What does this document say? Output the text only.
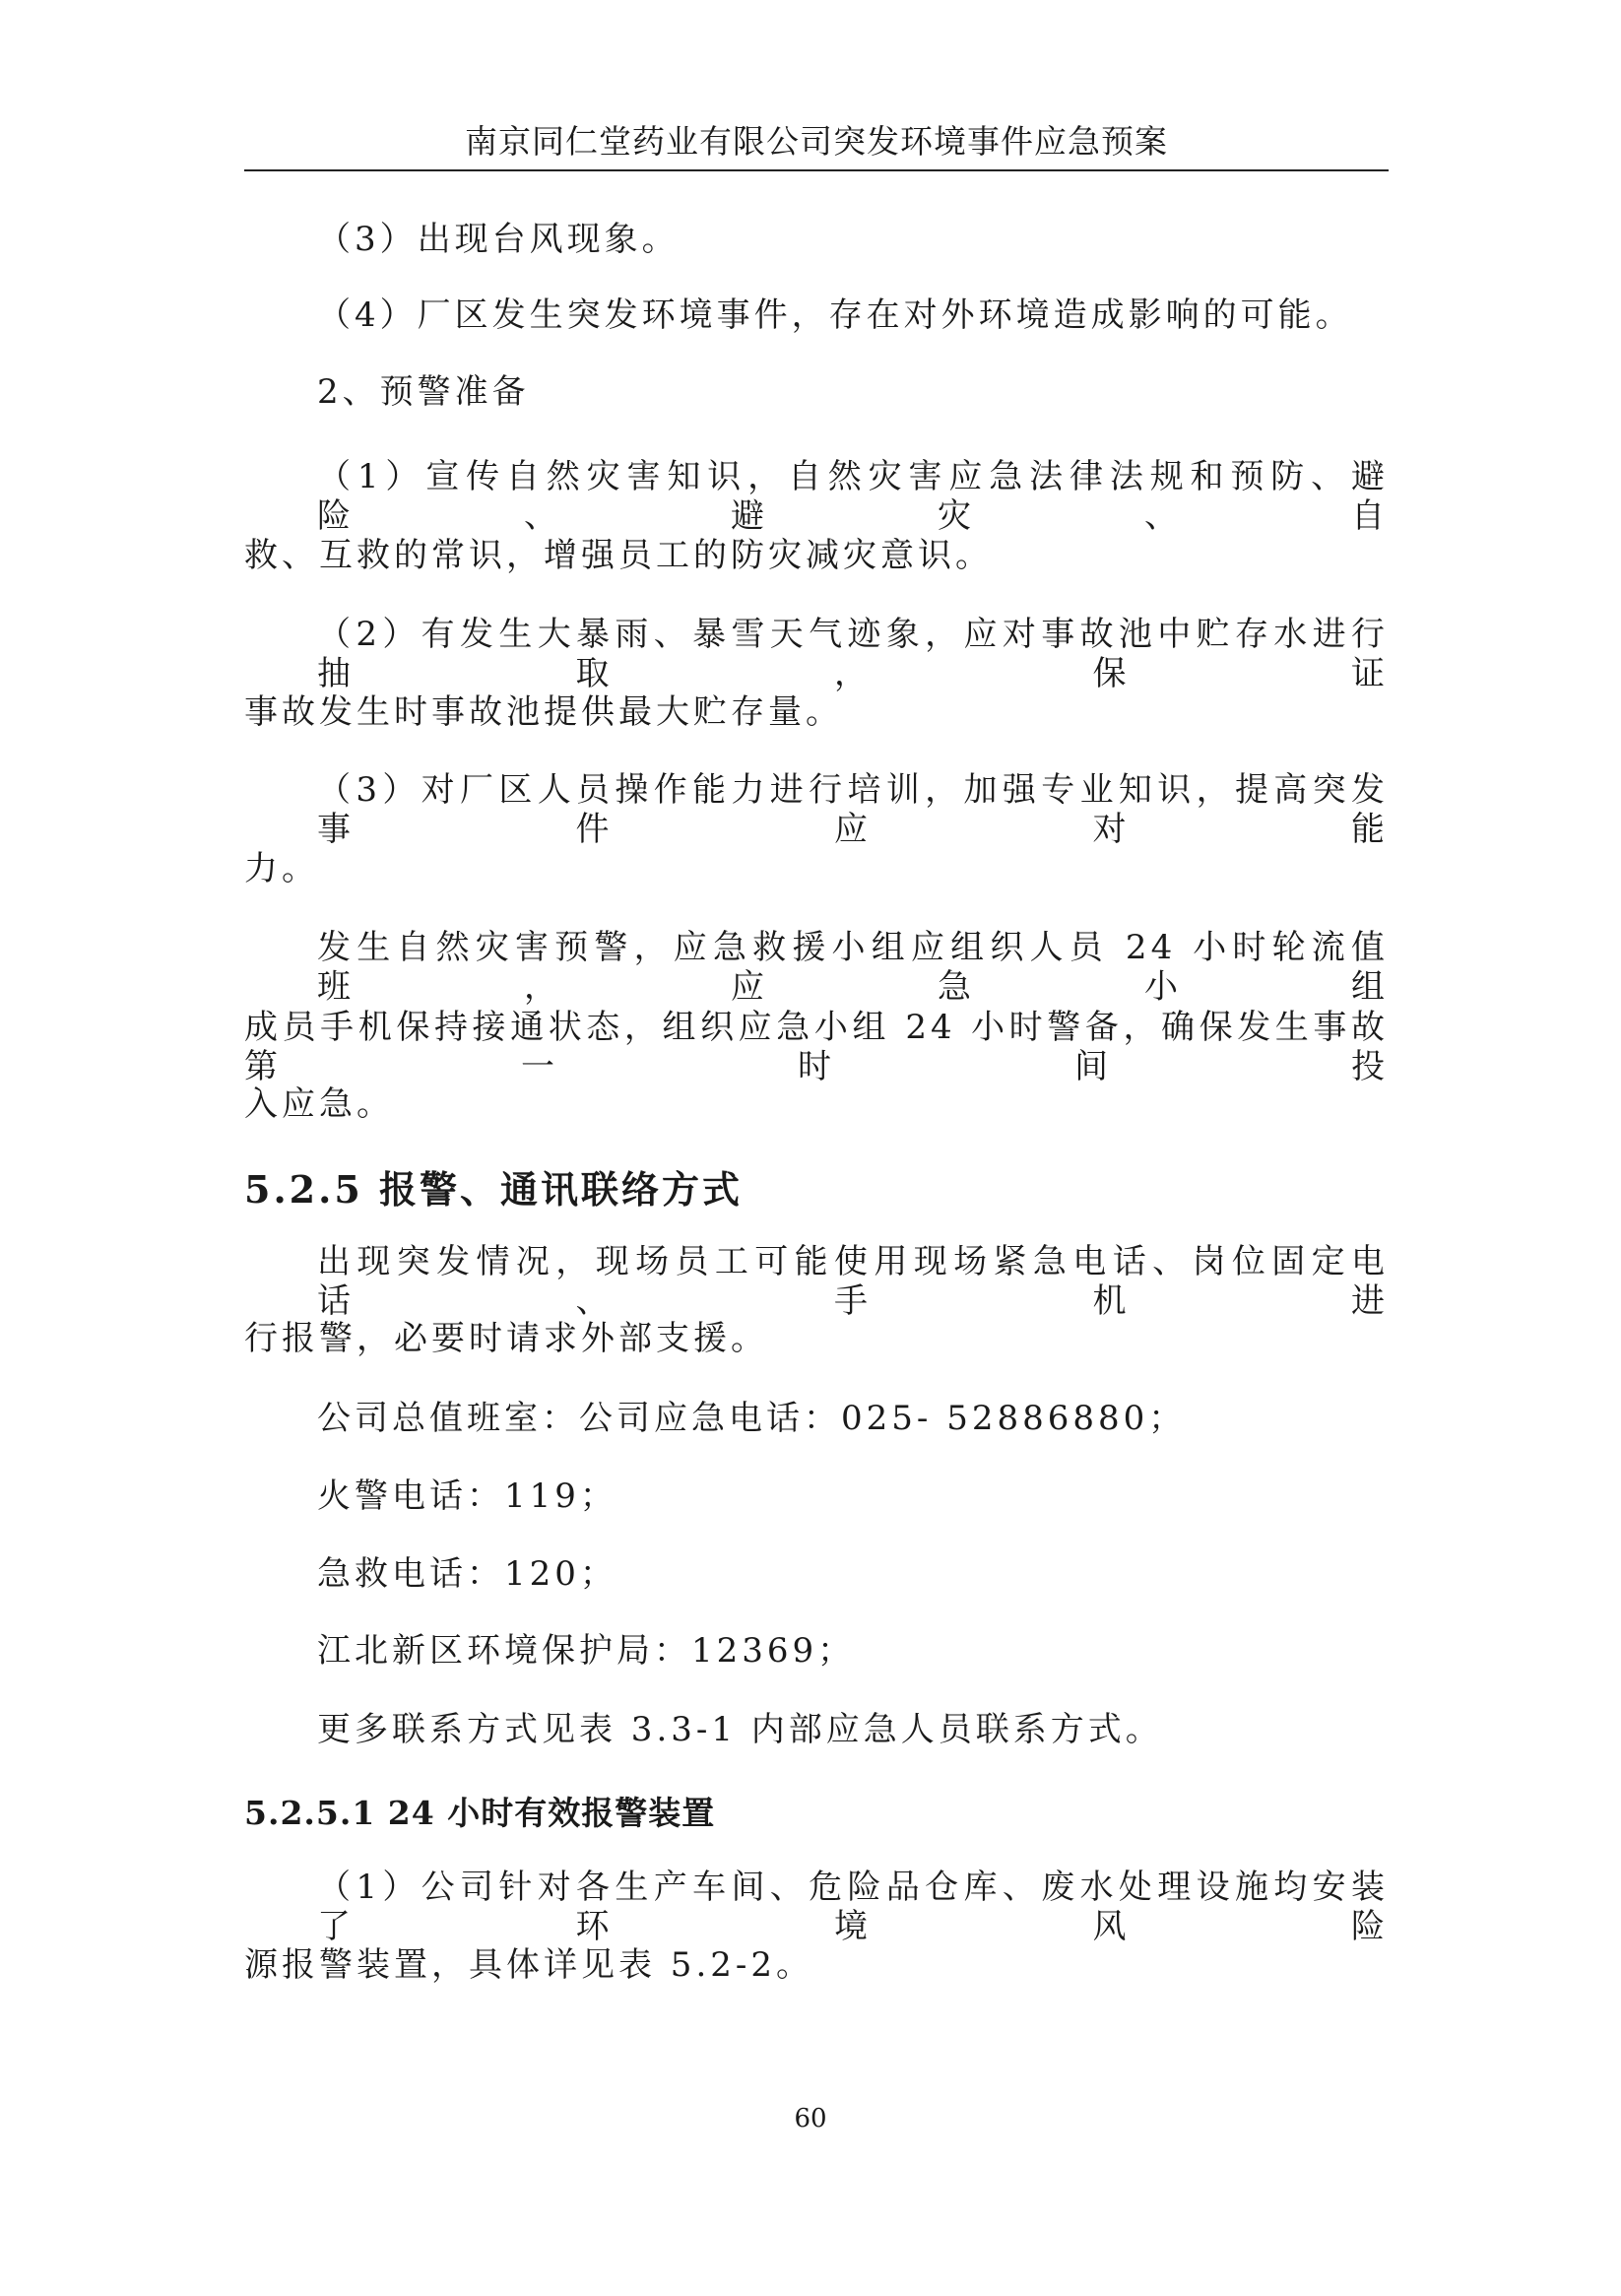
南京同仁堂药业有限公司突发环境事件应急预案
（3）出现台风现象。
（4）厂区发生突发环境事件，存在对外环境造成影响的可能。
2、预警准备
（1）宣传自然灾害知识，自然灾害应急法律法规和预防、避险、避灾、自
救、互救的常识，增强员工的防灾减灾意识。
（2）有发生大暴雨、暴雪天气迹象，应对事故池中贮存水进行抽取，保证
事故发生时事故池提供最大贮存量。
（3）对厂区人员操作能力进行培训，加强专业知识，提高突发事件应对能
力。
发生自然灾害预警，应急救援小组应组织人员 24 小时轮流值班，应急小组
成员手机保持接通状态，组织应急小组 24 小时警备，确保发生事故第一时间投
入应急。
5.2.5 报警、通讯联络方式
出现突发情况，现场员工可能使用现场紧急电话、岗位固定电话、手机进
行报警，必要时请求外部支援。
公司总值班室：公司应急电话：025- 52886880；
火警电话：119；
急救电话：120；
江北新区环境保护局：12369；
更多联系方式见表 3.3-1 内部应急人员联系方式。
5.2.5.1 24 小时有效报警装置
（1）公司针对各生产车间、危险品仓库、废水处理设施均安装了环境风险
源报警装置，具体详见表 5.2-2。
60
